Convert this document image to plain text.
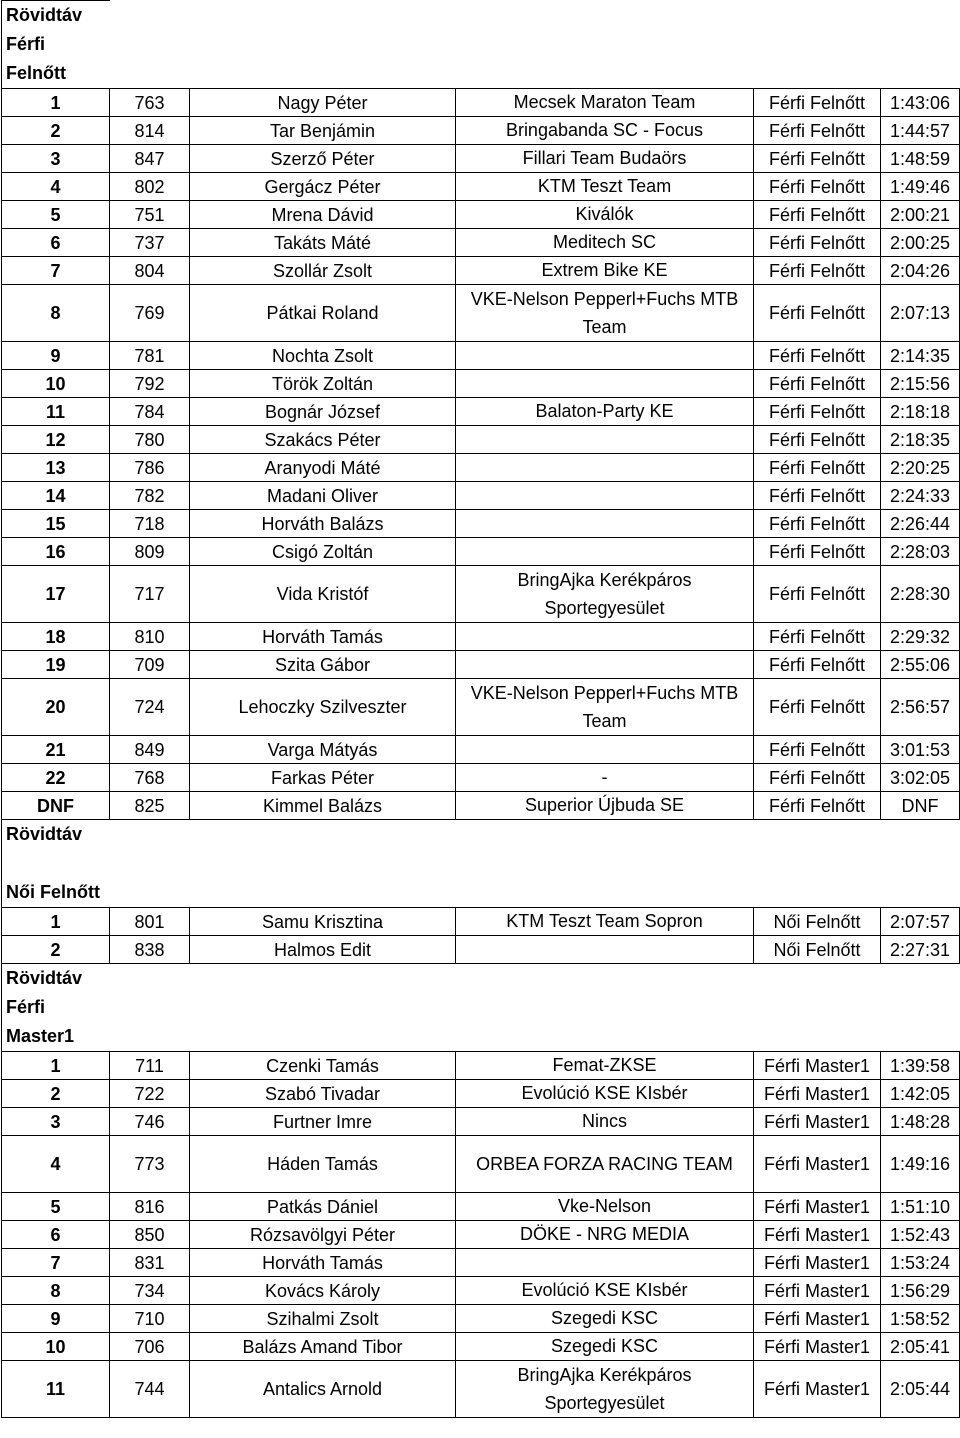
Rövidtáv
Férfi
Felnőtt					

1	763	Nagy Péter	Mecsek Maraton Team	Férfi Felnőtt	1:43:06
2	814	Tar Benjámin	Bringabanda SC - Focus	Férfi Felnőtt	1:44:57
3	847	Szerző Péter	Fillari Team Budaörs	Férfi Felnőtt	1:48:59
4	802	Gergácz Péter	KTM Teszt Team	Férfi Felnőtt	1:49:46
5	751	Mrena Dávid	Kiválók	Férfi Felnőtt	2:00:21
6	737	Takáts Máté	Meditech SC	Férfi Felnőtt	2:00:25
7	804	Szollár Zsolt	Extrem Bike KE	Férfi Felnőtt	2:04:26
8	769	Pátkai Roland	VKE-Nelson Pepperl+Fuchs MTB Team	Férfi Felnőtt	2:07:13
9	781	Nochta Zsolt		Férfi Felnőtt	2:14:35
10	792	Török Zoltán		Férfi Felnőtt	2:15:56
11	784	Bognár József	Balaton-Party KE	Férfi Felnőtt	2:18:18
12	780	Szakács Péter		Férfi Felnőtt	2:18:35
13	786	Aranyodi Máté		Férfi Felnőtt	2:20:25
14	782	Madani Oliver		Férfi Felnőtt	2:24:33
15	718	Horváth Balázs		Férfi Felnőtt	2:26:44
16	809	Csigó Zoltán		Férfi Felnőtt	2:28:03
17	717	Vida Kristóf	BringAjka Kerékpáros Sportegyesület	Férfi Felnőtt	2:28:30
18	810	Horváth Tamás		Férfi Felnőtt	2:29:32
19	709	Szita Gábor		Férfi Felnőtt	2:55:06
20	724	Lehoczky Szilveszter	VKE-Nelson Pepperl+Fuchs MTB Team	Férfi Felnőtt	2:56:57
21	849	Varga Mátyás		Férfi Felnőtt	3:01:53
22	768	Farkas Péter	-	Férfi Felnőtt	3:02:05
DNF	825	Kimmel Balázs	Superior Újbuda SE	Férfi Felnőtt	DNF

Rövidtáv

Női Felnőtt					

1	801	Samu Krisztina	KTM Teszt Team Sopron	Női Felnőtt	2:07:57
2	838	Halmos Edit		Női Felnőtt	2:27:31

Rövidtáv
Férfi
Master1					

1	711	Czenki Tamás	Femat-ZKSE	Férfi Master1	1:39:58
2	722	Szabó Tivadar	Evolúció KSE KIsbér	Férfi Master1	1:42:05
3	746	Furtner Imre	Nincs	Férfi Master1	1:48:28
4	773	Háden Tamás	ORBEA FORZA RACING TEAM	Férfi Master1	1:49:16
5	816	Patkás Dániel	Vke-Nelson	Férfi Master1	1:51:10
6	850	Rózsavölgyi Péter	DÖKE - NRG MEDIA	Férfi Master1	1:52:43
7	831	Horváth Tamás		Férfi Master1	1:53:24
8	734	Kovács Károly	Evolúció KSE KIsbér	Férfi Master1	1:56:29
9	710	Szihalmi Zsolt	Szegedi KSC	Férfi Master1	1:58:52
10	706	Balázs Amand Tibor	Szegedi KSC	Férfi Master1	2:05:41
11	744	Antalics Arnold	BringAjka Kerékpáros Sportegyesület	Férfi Master1	2:05:44
